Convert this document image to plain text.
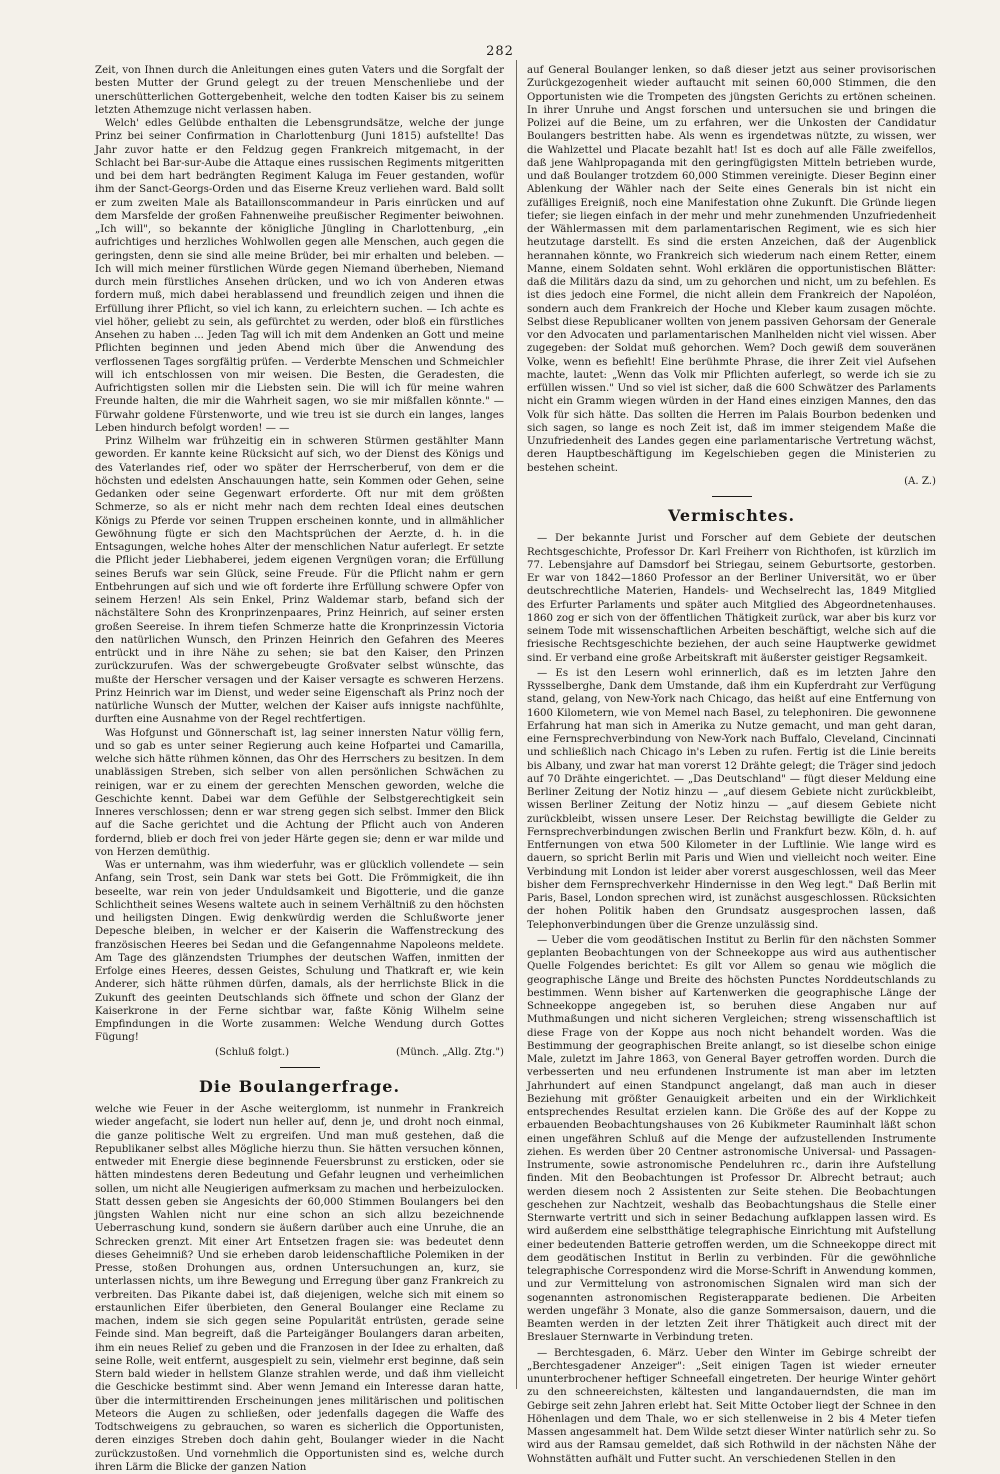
282

Zeit, von Ihnen durch die Anleitungen eines guten Vaters und die Sorgfalt der besten Mutter der Grund gelegt zu der treuen Menschenliebe und der unerschütterlichen Gottergebenheit, welche den todten Kaiser bis zu seinem letzten Athemzuge nicht verlassen haben.

Welch' edles Gelübde enthalten die Lebensgrundsätze, welche der junge Prinz bei seiner Confirmation in Charlottenburg (Juni 1815) aufstellte! Das Jahr zuvor hatte er den Feldzug gegen Frankreich mitgemacht, in der Schlacht bei Bar-sur-Aube die Attaque eines russischen Regiments mitgeritten und bei dem hart bedrängten Regiment Kaluga im Feuer gestanden, wofür ihm der Sanct-Georgs-Orden und das Eiserne Kreuz verliehen ward. Bald sollt er zum zweiten Male als Bataillonscommandeur in Paris einrücken und auf dem Marsfelde der großen Fahnenweihe preußischer Regimenter beiwohnen. „Ich will", so bekannte der königliche Jüngling in Charlottenburg, „ein aufrichtiges und herzliches Wohlwollen gegen alle Menschen, auch gegen die geringsten, denn sie sind alle meine Brüder, bei mir erhalten und beleben. — Ich will mich meiner fürstlichen Würde gegen Niemand überheben, Niemand durch mein fürstliches Ansehen drücken, und wo ich von Anderen etwas fordern muß, mich dabei herablassend und freundlich zeigen und ihnen die Erfüllung ihrer Pflicht, so viel ich kann, zu erleichtern suchen. — Ich achte es viel höher, geliebt zu sein, als gefürchtet zu werden, oder bloß ein fürstliches Ansehen zu haben ... Jeden Tag will ich mit dem Andenken an Gott und meine Pflichten beginnen und jeden Abend mich über die Anwendung des verflossenen Tages sorgfältig prüfen. — Verderbte Menschen und Schmeichler will ich entschlossen von mir weisen. Die Besten, die Geradesten, die Aufrichtigsten sollen mir die Liebsten sein. Die will ich für meine wahren Freunde halten, die mir die Wahrheit sagen, wo sie mir mißfallen könnte." — Fürwahr goldene Fürstenworte, und wie treu ist sie durch ein langes, langes Leben hindurch befolgt worden! — —

Prinz Wilhelm war frühzeitig ein in schweren Stürmen gestählter Mann geworden. Er kannte keine Rücksicht auf sich, wo der Dienst des Königs und des Vaterlandes rief, oder wo später der Herrscherberuf, von dem er die höchsten und edelsten Anschauungen hatte, sein Kommen oder Gehen, seine Gedanken oder seine Gegenwart erforderte. Oft nur mit dem größten Schmerze, so als er nicht mehr nach dem rechten Ideal eines deutschen Königs zu Pferde vor seinen Truppen erscheinen konnte, und in allmählicher Gewöhnung fügte er sich den Machtsprüchen der Aerzte, d. h. in die Entsagungen, welche hohes Alter der menschlichen Natur auferlegt. Er setzte die Pflicht jeder Liebhaberei, jedem eigenen Vergnügen voran; die Erfüllung seines Berufs war sein Glück, seine Freude. Für die Pflicht nahm er gern Entbehrungen auf sich und wie oft forderte ihre Erfüllung schwere Opfer von seinem Herzen! Als sein Enkel, Prinz Waldemar starb, befand sich der nächstältere Sohn des Kronprinzenpaares, Prinz Heinrich, auf seiner ersten großen Seereise. In ihrem tiefen Schmerze hatte die Kronprinzessin Victoria den natürlichen Wunsch, den Prinzen Heinrich den Gefahren des Meeres entrückt und in ihre Nähe zu sehen; sie bat den Kaiser, den Prinzen zurückzurufen. Was der schwergebeugte Großvater selbst wünschte, das mußte der Herscher versagen und der Kaiser versagte es schweren Herzens. Prinz Heinrich war im Dienst, und weder seine Eigenschaft als Prinz noch der natürliche Wunsch der Mutter, welchen der Kaiser aufs innigste nachfühlte, durften eine Ausnahme von der Regel rechtfertigen.

Was Hofgunst und Gönnerschaft ist, lag seiner innersten Natur völlig fern, und so gab es unter seiner Regierung auch keine Hofpartei und Camarilla, welche sich hätte rühmen können, das Ohr des Herrschers zu besitzen. In dem unablässigen Streben, sich selber von allen persönlichen Schwächen zu reinigen, war er zu einem der gerechten Menschen geworden, welche die Geschichte kennt. Dabei war dem Gefühle der Selbstgerechtigkeit sein Inneres verschlossen; denn er war streng gegen sich selbst. Immer den Blick auf die Sache gerichtet und die Achtung der Pflicht auch von Anderen fordernd, blieb er doch frei von jeder Härte gegen sie; denn er war milde und von Herzen demüthig.

Was er unternahm, was ihm wiederfuhr, was er glücklich vollendete — sein Anfang, sein Trost, sein Dank war stets bei Gott. Die Frömmigkeit, die ihn beseelte, war rein von jeder Unduldsamkeit und Bigotterie, und die ganze Schlichtheit seines Wesens waltete auch in seinem Verhältniß zu den höchsten und heiligsten Dingen. Ewig denkwürdig werden die Schlußworte jener Depesche bleiben, in welcher er der Kaiserin die Waffenstreckung des französischen Heeres bei Sedan und die Gefangennahme Napoleons meldete. Am Tage des glänzendsten Triumphes der deutschen Waffen, inmitten der Erfolge eines Heeres, dessen Geistes, Schulung und Thatkraft er, wie kein Anderer, sich hätte rühmen dürfen, damals, als der herrlichste Blick in die Zukunft des geeinten Deutschlands sich öffnete und schon der Glanz der Kaiserkrone in der Ferne sichtbar war, faßte König Wilhelm seine Empfindungen in die Worte zusammen: Welche Wendung durch Gottes Fügung!

(Schluß folgt.)	(Münch. „Allg. Ztg.")
Die Boulangerfrage.

welche wie Feuer in der Asche weiterglomm, ist nunmehr in Frankreich wieder angefacht, sie lodert nun heller auf, denn je, und droht noch einmal, die ganze politische Welt zu ergreifen. Und man muß gestehen, daß die Republikaner selbst alles Mögliche hierzu thun. Sie hätten versuchen können, entweder mit Energie diese beginnende Feuersbrunst zu ersticken, oder sie hätten mindestens deren Bedeutung und Gefahr leugnen und verheimlichen sollen, um nicht alle Neugierigen aufmerksam zu machen und herbeizulocken. Statt dessen geben sie Angesichts der 60,000 Stimmen Boulangers bei den jüngsten Wahlen nicht nur eine schon an sich allzu bezeichnende Ueberraschung kund, sondern sie äußern darüber auch eine Unruhe, die an Schrecken grenzt. Mit einer Art Entsetzen fragen sie: was bedeutet denn dieses Geheimniß? Und sie erheben darob leidenschaftliche Polemiken in der Presse, stoßen Drohungen aus, ordnen Untersuchungen an, kurz, sie unterlassen nichts, um ihre Bewegung und Erregung über ganz Frankreich zu verbreiten. Das Pikante dabei ist, daß diejenigen, welche sich mit einem so erstaunlichen Eifer überbieten, den General Boulanger eine Reclame zu machen, indem sie sich gegen seine Popularität entrüsten, gerade seine Feinde sind. Man begreift, daß die Parteigänger Boulangers daran arbeiten, ihm ein neues Relief zu geben und die Franzosen in der Idee zu erhalten, daß seine Rolle, weit entfernt, ausgespielt zu sein, vielmehr erst beginne, daß sein Stern bald wieder in hellstem Glanze strahlen werde, und daß ihm vielleicht die Geschicke bestimmt sind. Aber wenn Jemand ein Interesse daran hatte, über die intermittirenden Erscheinungen jenes militärischen und politischen Meteors die Augen zu schließen, oder jedenfalls dagegen die Waffe des Todtschweigens zu gebrauchen, so waren es sicherlich die Opportunisten, deren einziges Streben doch dahin geht, Boulanger wieder in die Nacht zurückzustoßen. Und vornehmlich die Opportunisten sind es, welche durch ihren Lärm die Blicke der ganzen Nation

auf General Boulanger lenken, so daß dieser jetzt aus seiner provisorischen Zurückgezogenheit wieder auftaucht mit seinen 60,000 Stimmen, die den Opportunisten wie die Trompeten des jüngsten Gerichts zu ertönen scheinen. In ihrer Unruhe und Angst forschen und untersuchen sie und bringen die Polizei auf die Beine, um zu erfahren, wer die Unkosten der Candidatur Boulangers bestritten habe. Als wenn es irgendetwas nützte, zu wissen, wer die Wahlzettel und Placate bezahlt hat! Ist es doch auf alle Fälle zweifellos, daß jene Wahlpropaganda mit den geringfügigsten Mitteln betrieben wurde, und daß Boulanger trotzdem 60,000 Stimmen vereinigte. Dieser Beginn einer Ablenkung der Wähler nach der Seite eines Generals bin ist nicht ein zufälliges Ereigniß, noch eine Manifestation ohne Zukunft. Die Gründe liegen tiefer; sie liegen einfach in der mehr und mehr zunehmenden Unzufriedenheit der Wählermassen mit dem parlamentarischen Regiment, wie es sich hier heutzutage darstellt. Es sind die ersten Anzeichen, daß der Augenblick herannahen könnte, wo Frankreich sich wiederum nach einem Retter, einem Manne, einem Soldaten sehnt. Wohl erklären die opportunistischen Blätter: daß die Militärs dazu da sind, um zu gehorchen und nicht, um zu befehlen. Es ist dies jedoch eine Formel, die nicht allein dem Frankreich der Napoléon, sondern auch dem Frankreich der Hoche und Kleber kaum zusagen möchte. Selbst diese Republicaner wollten von jenem passiven Gehorsam der Generale vor den Advocaten und parlamentarischen Manlhelden nicht viel wissen. Aber zugegeben: der Soldat muß gehorchen. Wem? Doch gewiß dem souveränen Volke, wenn es befiehlt! Eine berühmte Phrase, die ihrer Zeit viel Aufsehen machte, lautet: „Wenn das Volk mir Pflichten auferlegt, so werde ich sie zu erfüllen wissen." Und so viel ist sicher, daß die 600 Schwätzer des Parlaments nicht ein Gramm wiegen würden in der Hand eines einzigen Mannes, den das Volk für sich hätte. Das sollten die Herren im Palais Bourbon bedenken und sich sagen, so lange es noch Zeit ist, daß im immer steigendem Maße die Unzufriedenheit des Landes gegen eine parlamentarische Vertretung wächst, deren Hauptbeschäftigung im Kegelschieben gegen die Ministerien zu bestehen scheint.

(A. Z.)
Vermischtes.

— Der bekannte Jurist und Forscher auf dem Gebiete der deutschen Rechtsgeschichte, Professor Dr. Karl Freiherr von Richthofen, ist kürzlich im 77. Lebensjahre auf Damsdorf bei Striegau, seinem Geburtsorte, gestorben. Er war von 1842—1860 Professor an der Berliner Universität, wo er über deutschrechtliche Materien, Handels- und Wechselrecht las, 1849 Mitglied des Erfurter Parlaments und später auch Mitglied des Abgeordnetenhauses. 1860 zog er sich von der öffentlichen Thätigkeit zurück, war aber bis kurz vor seinem Tode mit wissenschaftlichen Arbeiten beschäftigt, welche sich auf die friesische Rechtsgeschichte beziehen, der auch seine Hauptwerke gewidmet sind. Er verband eine große Arbeitskraft mit äußerster geistiger Regsamkeit.

— Es ist den Lesern wohl erinnerlich, daß es im letzten Jahre den Ryssselberghe, Dank dem Umstande, daß ihm ein Kupferdraht zur Verfügung stand, gelang, von New-York nach Chicago, das heißt auf eine Entfernung von 1600 Kilometern, wie von Memel nach Basel, zu telephoniren. Die gewonnene Erfahrung hat man sich in Amerika zu Nutze gemacht, und man geht daran, eine Fernsprechverbindung von New-York nach Buffalo, Cleveland, Cincinnati und schließlich nach Chicago in's Leben zu rufen. Fertig ist die Linie bereits bis Albany, und zwar hat man vorerst 12 Drähte gelegt; die Träger sind jedoch auf 70 Drähte eingerichtet. — „Das Deutschland" — fügt dieser Meldung eine Berliner Zeitung der Notiz hinzu — „auf diesem Gebiete nicht zurückbleibt, wissen Berliner Zeitung der Notiz hinzu — „auf diesem Gebiete nicht zurückbleibt, wissen unsere Leser. Der Reichstag bewilligte die Gelder zu Fernsprechverbindungen zwischen Berlin und Frankfurt bezw. Köln, d. h. auf Entfernungen von etwa 500 Kilometer in der Luftlinie. Wie lange wird es dauern, so spricht Berlin mit Paris und Wien und vielleicht noch weiter. Eine Verbindung mit London ist leider aber vorerst ausgeschlossen, weil das Meer bisher dem Fernsprechverkehr Hindernisse in den Weg legt." Daß Berlin mit Paris, Basel, London sprechen wird, ist zunächst ausgeschlossen. Rücksichten der hohen Politik haben den Grundsatz ausgesprochen lassen, daß Telephonverbindungen über die Grenze unzulässig sind.

— Ueber die vom geodätischen Institut zu Berlin für den nächsten Sommer geplanten Beobachtungen von der Schneekoppe aus wird aus authentischer Quelle Folgendes berichtet: Es gilt vor Allem so genau wie möglich die geographische Länge und Breite des höchsten Punctes Norddeutschlands zu bestimmen. Wenn bisher auf Kartenwerken die geographische Länge der Schneekoppe angegeben ist, so beruhen diese Angaben nur auf Muthmaßungen und nicht sicheren Vergleichen; streng wissenschaftlich ist diese Frage von der Koppe aus noch nicht behandelt worden. Was die Bestimmung der geographischen Breite anlangt, so ist dieselbe schon einige Male, zuletzt im Jahre 1863, von General Bayer getroffen worden. Durch die verbesserten und neu erfundenen Instrumente ist man aber im letzten Jahrhundert auf einen Standpunct angelangt, daß man auch in dieser Beziehung mit größter Genauigkeit arbeiten und ein der Wirklichkeit entsprechendes Resultat erzielen kann. Die Größe des auf der Koppe zu erbauenden Beobachtungshauses von 26 Kubikmeter Rauminhalt läßt schon einen ungefähren Schluß auf die Menge der aufzustellenden Instrumente ziehen. Es werden über 20 Centner astronomische Universal- und Passagen-Instrumente, sowie astronomische Pendeluhren rc., darin ihre Aufstellung finden. Mit den Beobachtungen ist Professor Dr. Albrecht betraut; auch werden diesem noch 2 Assistenten zur Seite stehen. Die Beobachtungen geschehen zur Nachtzeit, weshalb das Beobachtungshaus die Stelle einer Sternwarte vertritt und sich in seiner Bedachung aufklappen lassen wird. Es wird außerdem eine selbstthätige telegraphische Einrichtung mit Aufstellung einer bedeutenden Batterie getroffen werden, um die Schneekoppe direct mit dem geodätischen Institut in Berlin zu verbinden. Für die gewöhnliche telegraphische Correspondenz wird die Morse-Schrift in Anwendung kommen, und zur Vermittelung von astronomischen Signalen wird man sich der sogenannten astronomischen Registerapparate bedienen. Die Arbeiten werden ungefähr 3 Monate, also die ganze Sommersaison, dauern, und die Beamten werden in der letzten Zeit ihrer Thätigkeit auch direct mit der Breslauer Sternwarte in Verbindung treten.

— Berchtesgaden, 6. März. Ueber den Winter im Gebirge schreibt der „Berchtesgadener Anzeiger": „Seit einigen Tagen ist wieder erneuter ununterbrochener heftiger Schneefall eingetreten. Der heurige Winter gehört zu den schneereichsten, kältesten und langandauerndsten, die man im Gebirge seit zehn Jahren erlebt hat. Seit Mitte October liegt der Schnee in den Höhenlagen und dem Thale, wo er sich stellenweise in 2 bis 4 Meter tiefen Massen angesammelt hat. Dem Wilde setzt dieser Winter natürlich sehr zu. So wird aus der Ramsau gemeldet, daß sich Rothwild in der nächsten Nähe der Wohnstätten aufhält und Futter sucht. An verschiedenen Stellen in den
